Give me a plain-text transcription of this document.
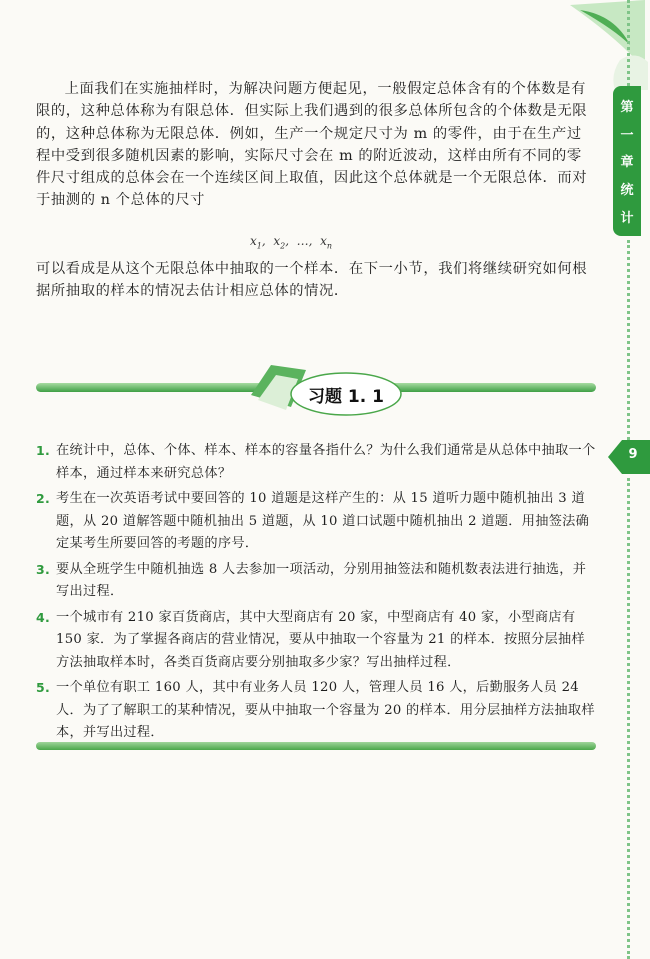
第
一
章
统
计
9
上面我们在实施抽样时，为解决问题方便起见，一般假定总体含有的个体数是有限的，这种总体称为有限总体．但实际上我们遇到的很多总体所包含的个体数是无限的，这种总体称为无限总体．例如，生产一个规定尺寸为 m 的零件，由于在生产过程中受到很多随机因素的影响，实际尺寸会在 m 的附近波动，这样由所有不同的零件尺寸组成的总体会在一个连续区间上取值，因此这个总体就是一个无限总体．而对于抽测的 n 个总体的尺寸
$x_1$,  $x_2$,  …,  $x_n$
可以看成是从这个无限总体中抽取的一个样本．在下一小节，我们将继续研究如何根据所抽取的样本的情况去估计相应总体的情况．
习题 1. 1
1. 在统计中，总体、个体、样本、样本的容量各指什么？为什么我们通常是从总体中抽取一个样本，通过样本来研究总体？
2. 考生在一次英语考试中要回答的 10 道题是这样产生的：从 15 道听力题中随机抽出 3 道题，从 20 道解答题中随机抽出 5 道题，从 10 道口试题中随机抽出 2 道题．用抽签法确定某考生所要回答的考题的序号．
3. 要从全班学生中随机抽选 8 人去参加一项活动，分别用抽签法和随机数表法进行抽选，并写出过程．
4. 一个城市有 210 家百货商店，其中大型商店有 20 家，中型商店有 40 家，小型商店有 150 家．为了掌握各商店的营业情况，要从中抽取一个容量为 21 的样本．按照分层抽样方法抽取样本时，各类百货商店要分别抽取多少家？写出抽样过程．
5. 一个单位有职工 160 人，其中有业务人员 120 人，管理人员 16 人，后勤服务人员 24 人．为了了解职工的某种情况，要从中抽取一个容量为 20 的样本．用分层抽样方法抽取样本，并写出过程．
